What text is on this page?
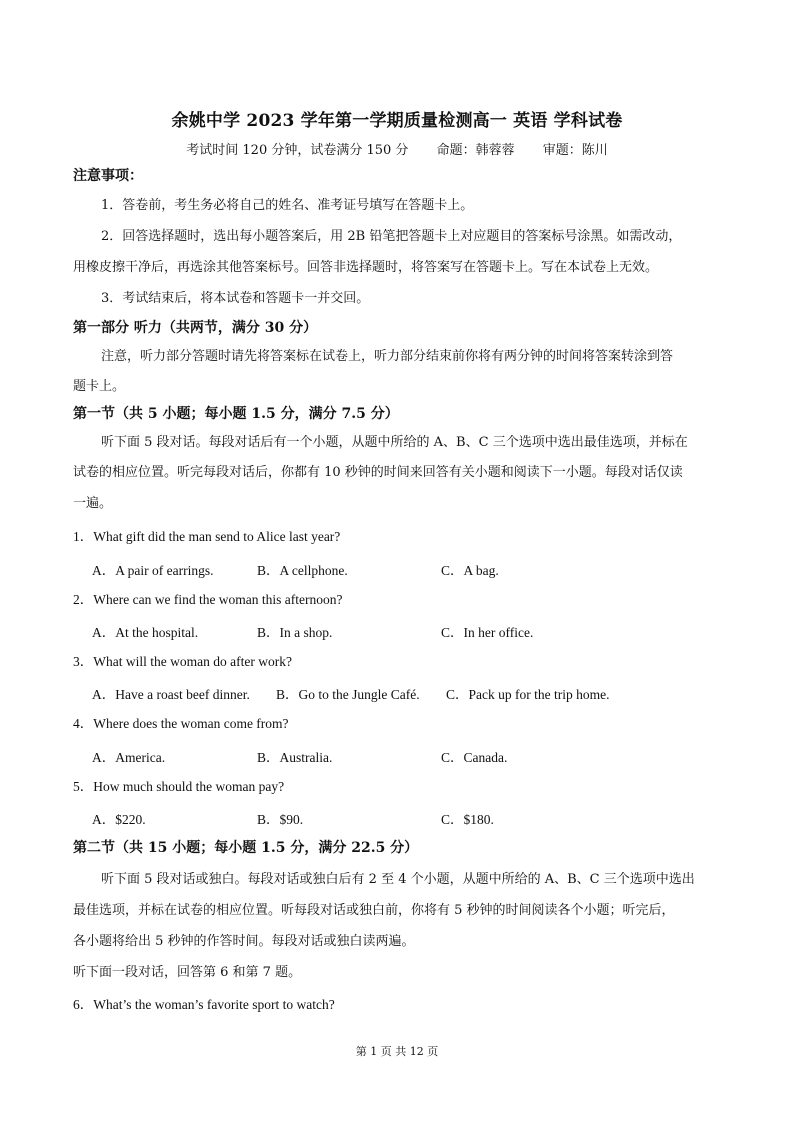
余姚中学 2023 学年第一学期质量检测高一 英语 学科试卷
考试时间 120 分钟，试卷满分 150 分 命题：韩蓉蓉 审题：陈川
注意事项：
1．答卷前，考生务必将自己的姓名、准考证号填写在答题卡上。
2．回答选择题时，选出每小题答案后，用 2B 铅笔把答题卡上对应题目的答案标号涂黑。如需改动，
用橡皮擦干净后，再选涂其他答案标号。回答非选择题时，将答案写在答题卡上。写在本试卷上无效。
3．考试结束后，将本试卷和答题卡一并交回。
第一部分 听力（共两节，满分 30 分）
注意，听力部分答题时请先将答案标在试卷上，听力部分结束前你将有两分钟的时间将答案转涂到答
题卡上。
第一节（共 5 小题；每小题 1.5 分，满分 7.5 分）
听下面 5 段对话。每段对话后有一个小题，从题中所给的 A、B、C 三个选项中选出最佳选项，并标在
试卷的相应位置。听完每段对话后，你都有 10 秒钟的时间来回答有关小题和阅读下一小题。每段对话仅读
一遍。
1．What gift did the man send to Alice last year?
A．A pair of earrings.	B．A cellphone.	C．A bag.
2．Where can we find the woman this afternoon?
A．At the hospital.	B．In a shop.	C．In her office.
3．What will the woman do after work?
A．Have a roast beef dinner. B．Go to the Jungle Café. C．Pack up for the trip home.
4．Where does the woman come from?
A．America.	B．Australia.	C．Canada.
5．How much should the woman pay?
A．$220.	B．$90.	C．$180.
第二节（共 15 小题；每小题 1.5 分，满分 22.5 分）
听下面 5 段对话或独白。每段对话或独白后有 2 至 4 个小题，从题中所给的 A、B、C 三个选项中选出
最佳选项，并标在试卷的相应位置。听每段对话或独白前，你将有 5 秒钟的时间阅读各个小题；听完后，
各小题将给出 5 秒钟的作答时间。每段对话或独白读两遍。
听下面一段对话，回答第 6 和第 7 题。
6．What’s the woman’s favorite sport to watch?
第 1 页 共 12 页
